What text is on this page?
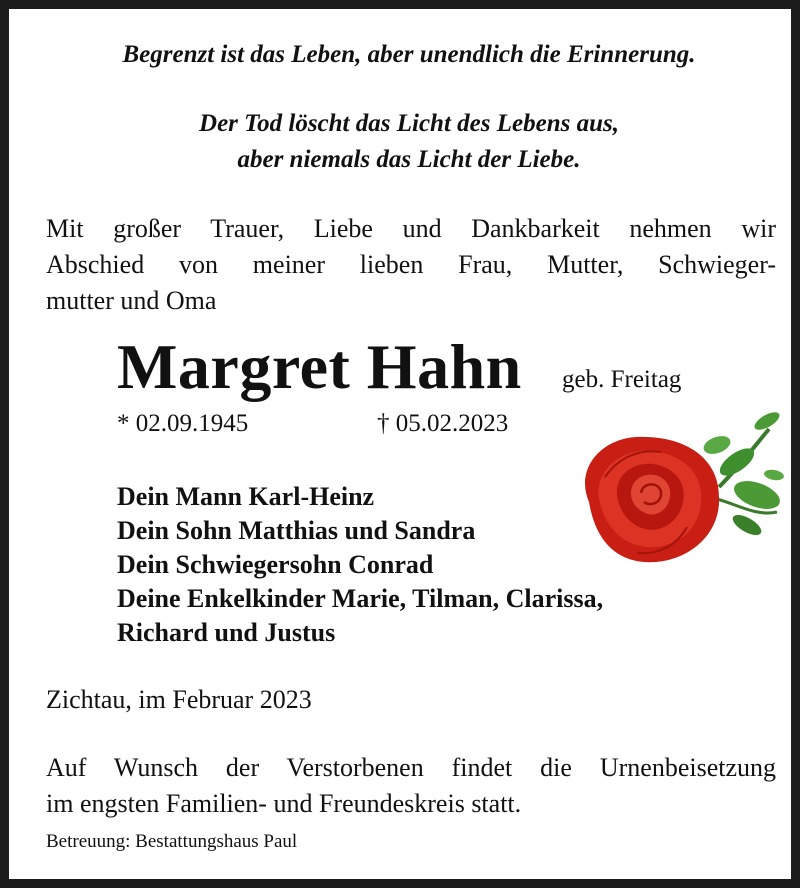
Begrenzt ist das Leben, aber unendlich die Erinnerung.

Der Tod löscht das Licht des Lebens aus,

aber niemals das Licht der Liebe.

Mit großer Trauer, Liebe und Dankbarkeit nehmen wir

Abschied von meiner lieben Frau, Mutter, Schwieger-

mutter und Oma

Margret Hahn geb. Freitag

* 02.09.1945	† 05.02.2023

Dein Mann Karl-Heinz

Dein Sohn Matthias und Sandra

Dein Schwiegersohn Conrad

Deine Enkelkinder Marie, Tilman, Clarissa,

Richard und Justus

Zichtau, im Februar 2023

Auf Wunsch der Verstorbenen findet die Urnenbeisetzung

im engsten Familien- und Freundeskreis statt.

Betreuung: Bestattungshaus Paul
